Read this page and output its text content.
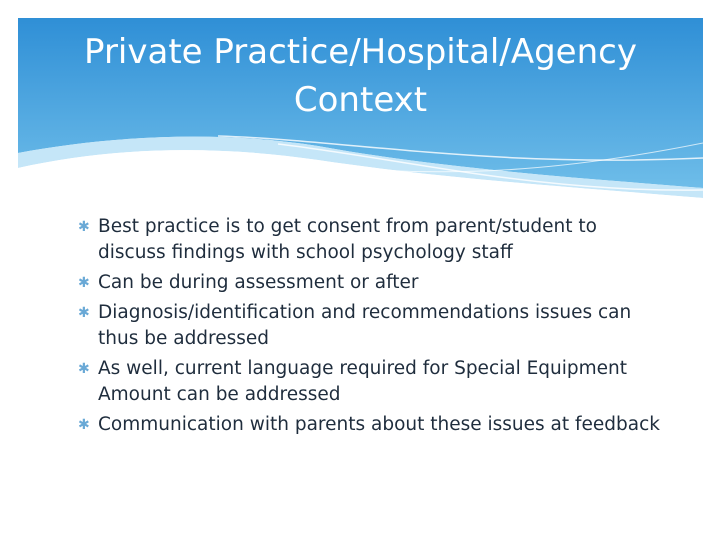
Private Practice/Hospital/Agency
Context
✱ Best practice is to get consent from parent/student to discuss findings with school psychology staff
✱ Can be during assessment or after
✱ Diagnosis/identification and recommendations issues can thus be addressed
✱ As well, current language required for Special Equipment Amount can be addressed
✱ Communication with parents about these issues at feedback
